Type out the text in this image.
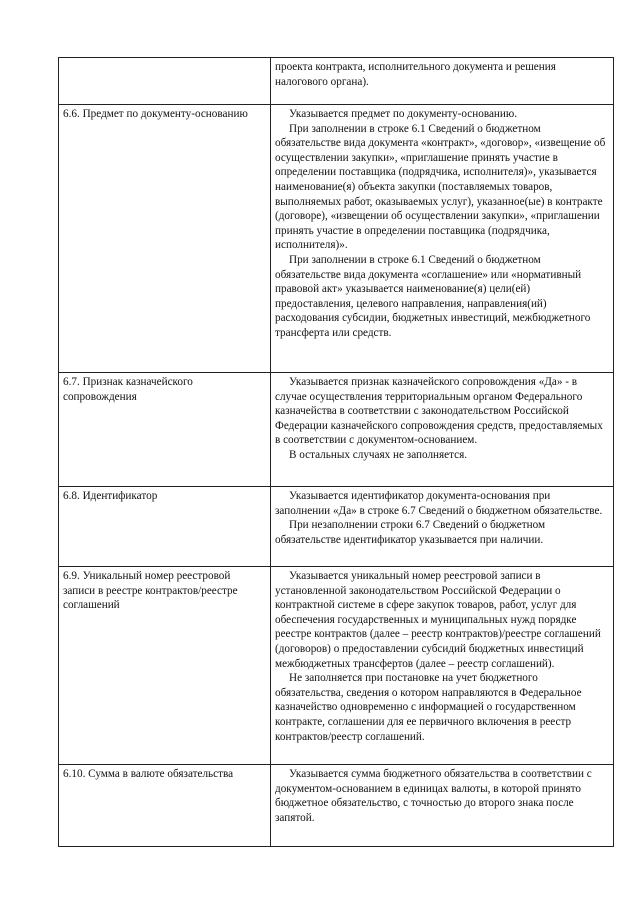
	проекта контракта, исполнительного документа и решения налогового органа).

6.6. Предмет по документу-основанию	Указывается предмет по документу-основанию.

При заполнении в строке 6.1 Сведений о бюджетном обязательстве вида документа «контракт», «договор», «извещение об осуществлении закупки», «приглашение принять участие в определении поставщика (подрядчика, исполнителя)», указывается наименование(я) объекта закупки (поставляемых товаров, выполняемых работ, оказываемых услуг), указанное(ые) в контракте (договоре), «извещении об осуществлении закупки», «приглашении принять участие в определении поставщика (подрядчика, исполнителя)».

При заполнении в строке 6.1 Сведений о бюджетном обязательстве вида документа «соглашение» или «нормативный правовой акт» указывается наименование(я) цели(ей) предоставления, целевого направления, направления(ий) расходования субсидии, бюджетных инвестиций, межбюджетного трансферта или средств.

6.7. Признак казначейского сопровождения	Указывается признак казначейского сопровождения «Да» - в случае осуществления территориальным органом Федерального казначейства в соответствии с законодательством Российской Федерации казначейского сопровождения средств, предоставляемых в соответствии с документом-основанием.

В остальных случаях не заполняется.

6.8. Идентификатор	Указывается идентификатор документа-основания при заполнении «Да» в строке 6.7 Сведений о бюджетном обязательстве.

При незаполнении строки 6.7 Сведений о бюджетном обязательстве идентификатор указывается при наличии.

6.9. Уникальный номер реестровой записи в реестре контрактов/реестре соглашений	Указывается уникальный номер реестровой записи в установленной законодательством Российской Федерации о контрактной системе в сфере закупок товаров, работ, услуг для обеспечения государственных и муниципальных нужд порядке реестре контрактов (далее – реестр контрактов)/реестре соглашений (договоров) о предоставлении субсидий бюджетных инвестиций межбюджетных трансфертов (далее – реестр соглашений).

Не заполняется при постановке на учет бюджетного обязательства, сведения о котором направляются в Федеральное казначейство одновременно с информацией о государственном контракте, соглашении для ее первичного включения в реестр контрактов/реестр соглашений.

6.10. Сумма в валюте обязательства	Указывается сумма бюджетного обязательства в соответствии с документом-основанием в единицах валюты, в которой принято бюджетное обязательство, с точностью до второго знака после запятой.
